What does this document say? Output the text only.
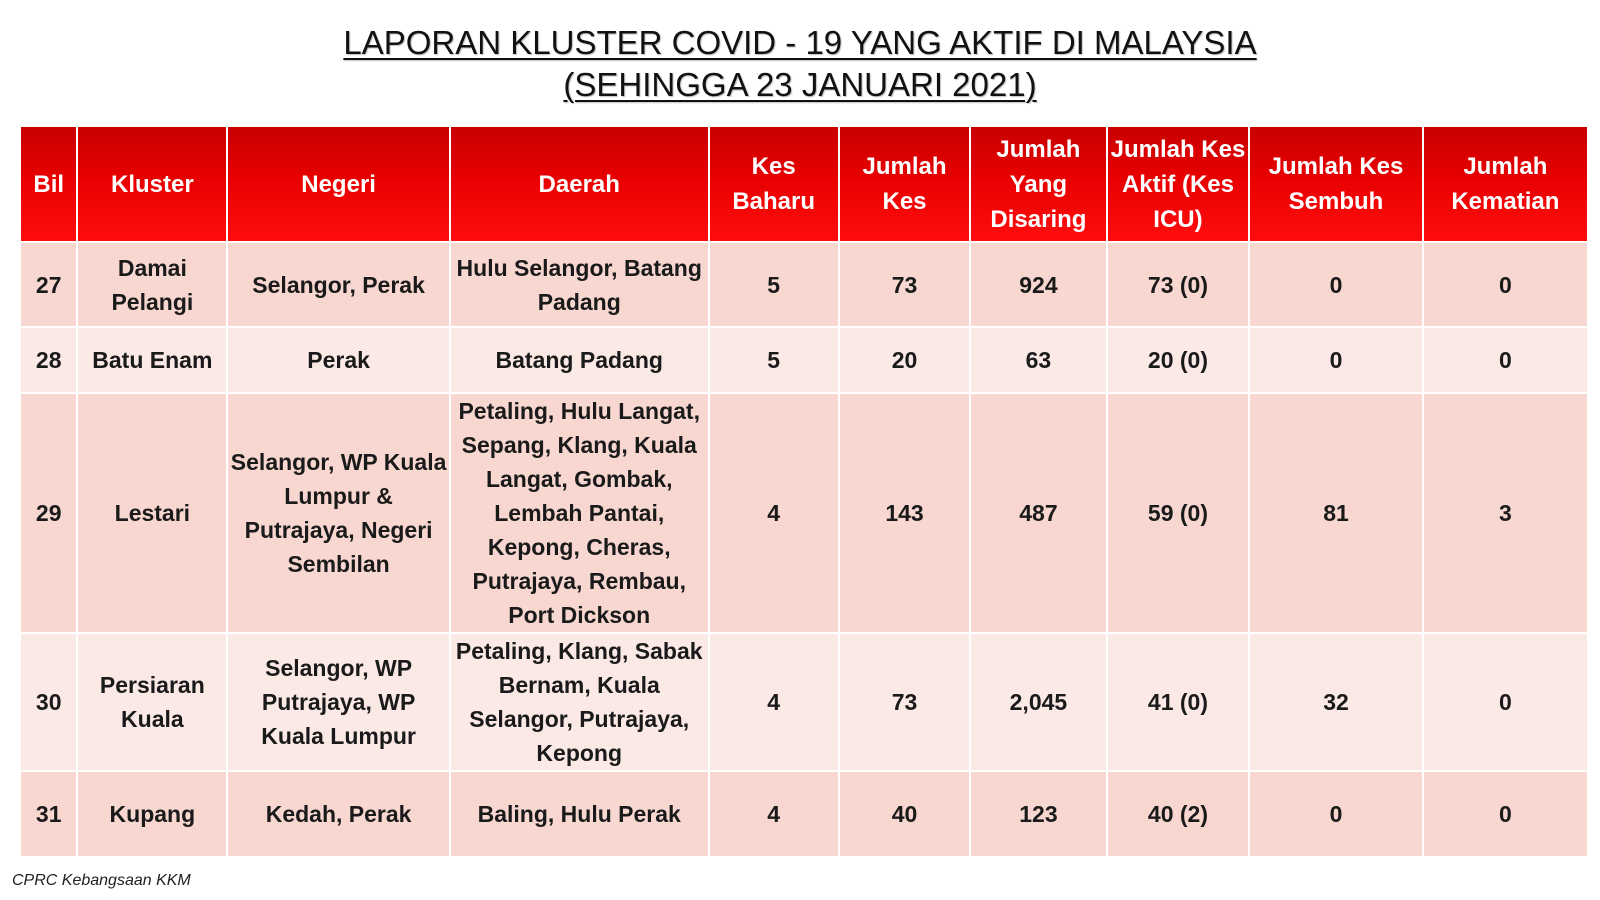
LAPORAN KLUSTER COVID - 19 YANG AKTIF DI MALAYSIA
(SEHINGGA 23 JANUARI 2021)
Bil	Kluster	Negeri	Daerah	Kes Baharu	Jumlah Kes	Jumlah Yang Disaring	Jumlah Kes Aktif (Kes ICU)	Jumlah Kes Sembuh	Jumlah Kematian
27	Damai Pelangi	Selangor, Perak	Hulu Selangor, Batang Padang	5	73	924	73 (0)	0	0
28	Batu Enam	Perak	Batang Padang	5	20	63	20 (0)	0	0
29	Lestari	Selangor, WP Kuala Lumpur & Putrajaya, Negeri Sembilan	Petaling, Hulu Langat, Sepang, Klang, Kuala Langat, Gombak, Lembah Pantai, Kepong, Cheras, Putrajaya, Rembau, Port Dickson	4	143	487	59 (0)	81	3
30	Persiaran Kuala	Selangor, WP Putrajaya, WP Kuala Lumpur	Petaling, Klang, Sabak Bernam, Kuala Selangor, Putrajaya, Kepong	4	73	2,045	41 (0)	32	0
31	Kupang	Kedah, Perak	Baling, Hulu Perak	4	40	123	40 (2)	0	0
CPRC Kebangsaan KKM
